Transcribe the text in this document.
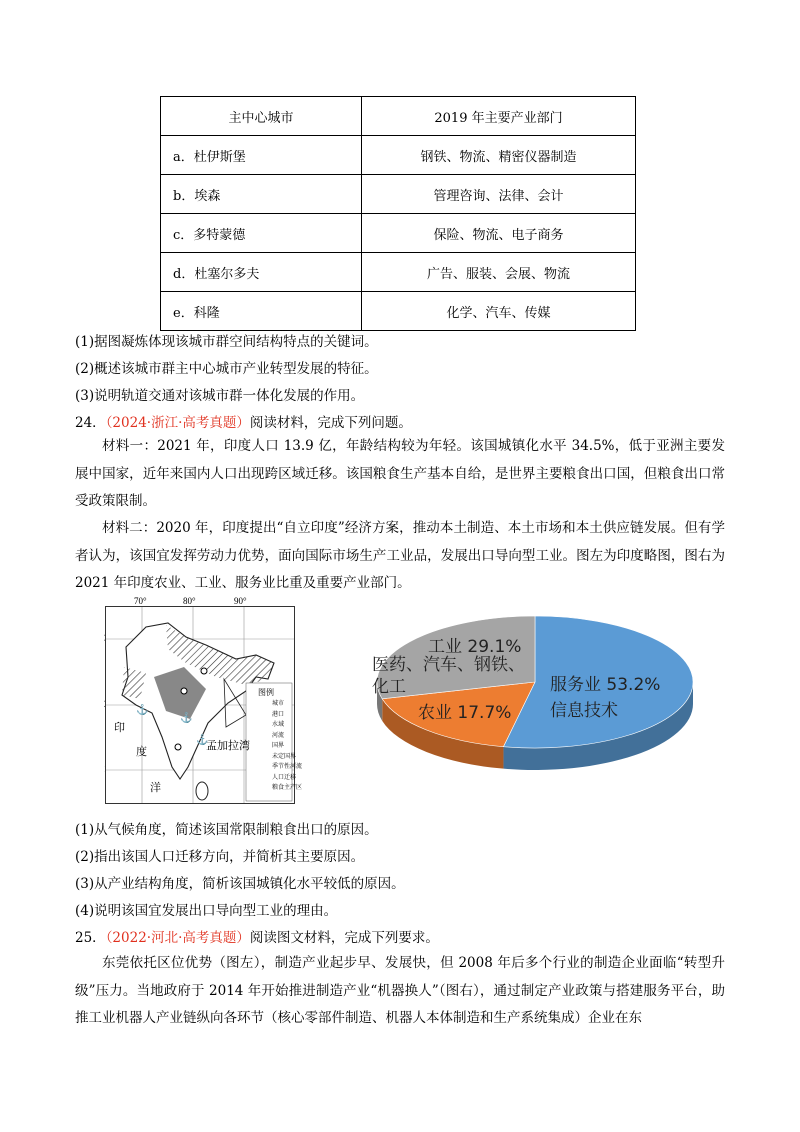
主中心城市	2019 年主要产业部门
a．杜伊斯堡	钢铁、物流、精密仪器制造
b．埃森	管理咨询、法律、会计
c．多特蒙德	保险、物流、电子商务
d．杜塞尔多夫	广告、服装、会展、物流
e．科隆	化学、汽车、传媒
(1)据图凝炼体现该城市群空间结构特点的关键词。
(2)概述该城市群主中心城市产业转型发展的特征。
(3)说明轨道交通对该城市群一体化发展的作用。
24．（2024·浙江·高考真题）阅读材料，完成下列问题。
材料一：2021 年，印度人口 13.9 亿，年龄结构较为年轻。该国城镇化水平 34.5%，低于亚洲主要发展中国家，近年来国内人口出现跨区域迁移。该国粮食生产基本自给，是世界主要粮食出口国，但粮食出口常受政策限制。
材料二：2020 年，印度提出“自立印度”经济方案，推动本土制造、本土市场和本土供应链发展。但有学者认为，该国宜发挥劳动力优势，面向国际市场生产工业品，发展出口导向型工业。图左为印度略图，图右为 2021 年印度农业、工业、服务业比重及重要产业部门。
70°	80°	90°
⚓
⚓
⚓
印
度
洋
孟加拉湾
图例
城市
港口
水域
河流
国界
未定国界
季节性河流
人口迁移
粮食主产区
工业 29.1%
医药、汽车、钢铁、化工
农业 17.7%
服务业 53.2%
信息技术
(1)从气候角度，简述该国常限制粮食出口的原因。
(2)指出该国人口迁移方向，并简析其主要原因。
(3)从产业结构角度，简析该国城镇化水平较低的原因。
(4)说明该国宜发展出口导向型工业的理由。
25．（2022·河北·高考真题）阅读图文材料，完成下列要求。
东莞依托区位优势（图左），制造产业起步早、发展快，但 2008 年后多个行业的制造企业面临“转型升级”压力。当地政府于 2014 年开始推进制造产业“机器换人”（图右），通过制定产业政策与搭建服务平台，助推工业机器人产业链纵向各环节（核心零部件制造、机器人本体制造和生产系统集成）企业在东
